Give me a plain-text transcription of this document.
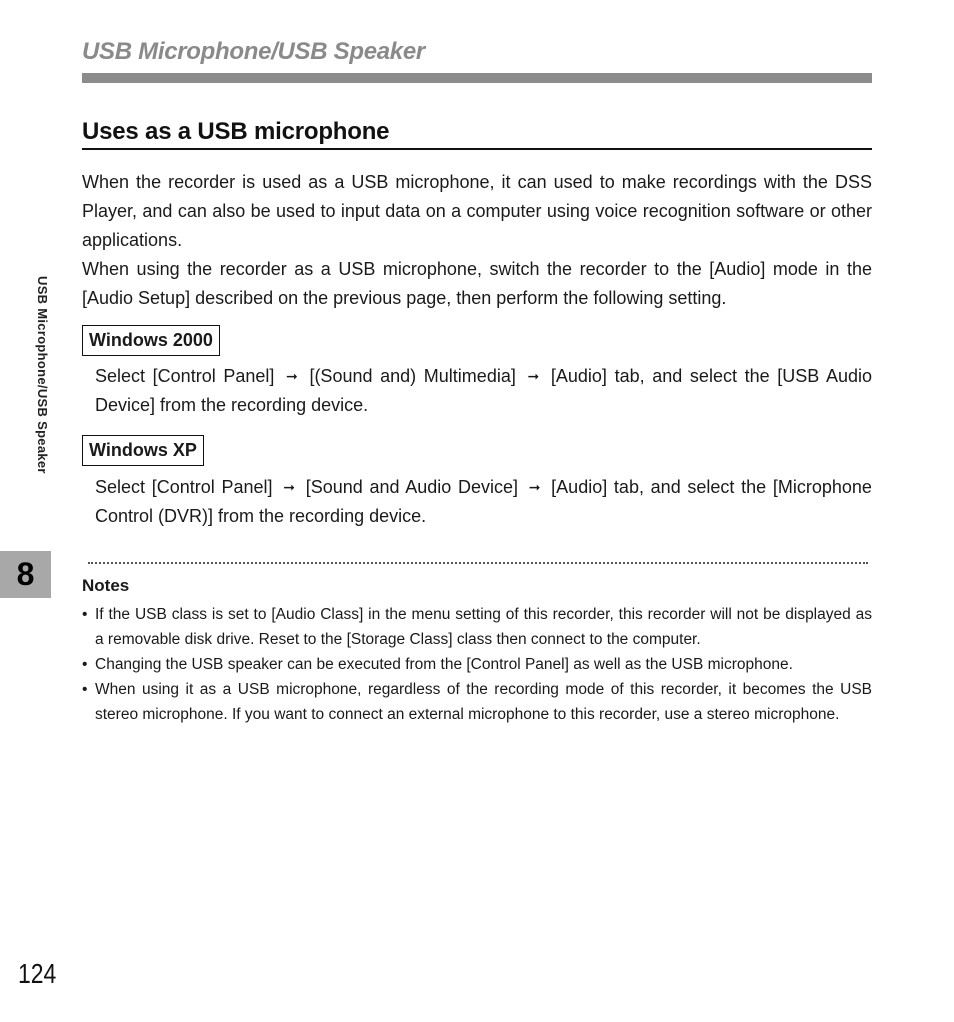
USB Microphone/USB Speaker
Uses as a USB microphone

When the recorder is used as a USB microphone, it can used to make recordings with the DSS Player, and can also be used to input data on a computer using voice recognition software or other applications.

When using the recorder as a USB microphone, switch the recorder to the [Audio] mode in the [Audio Setup] described on the previous page, then perform the following setting.

Windows 2000

Select [Control Panel] ➞ [(Sound and) Multimedia] ➞ [Audio] tab, and select the [USB Audio Device] from the recording device.

Windows XP

Select [Control Panel] ➞ [Sound and Audio Device] ➞ [Audio] tab, and select the [Microphone Control (DVR)] from the recording device.

Notes
• If the USB class is set to [Audio Class] in the menu setting of this recorder, this recorder will not be displayed as a removable disk drive. Reset to the [Storage Class] class then connect to the computer.
• Changing the USB speaker can be executed from the [Control Panel] as well as the USB microphone.
• When using it as a USB microphone, regardless of the recording mode of this recorder, it becomes the USB stereo microphone. If you want to connect an external microphone to this recorder, use a stereo microphone.
USB Microphone/USB Speaker
8
124
